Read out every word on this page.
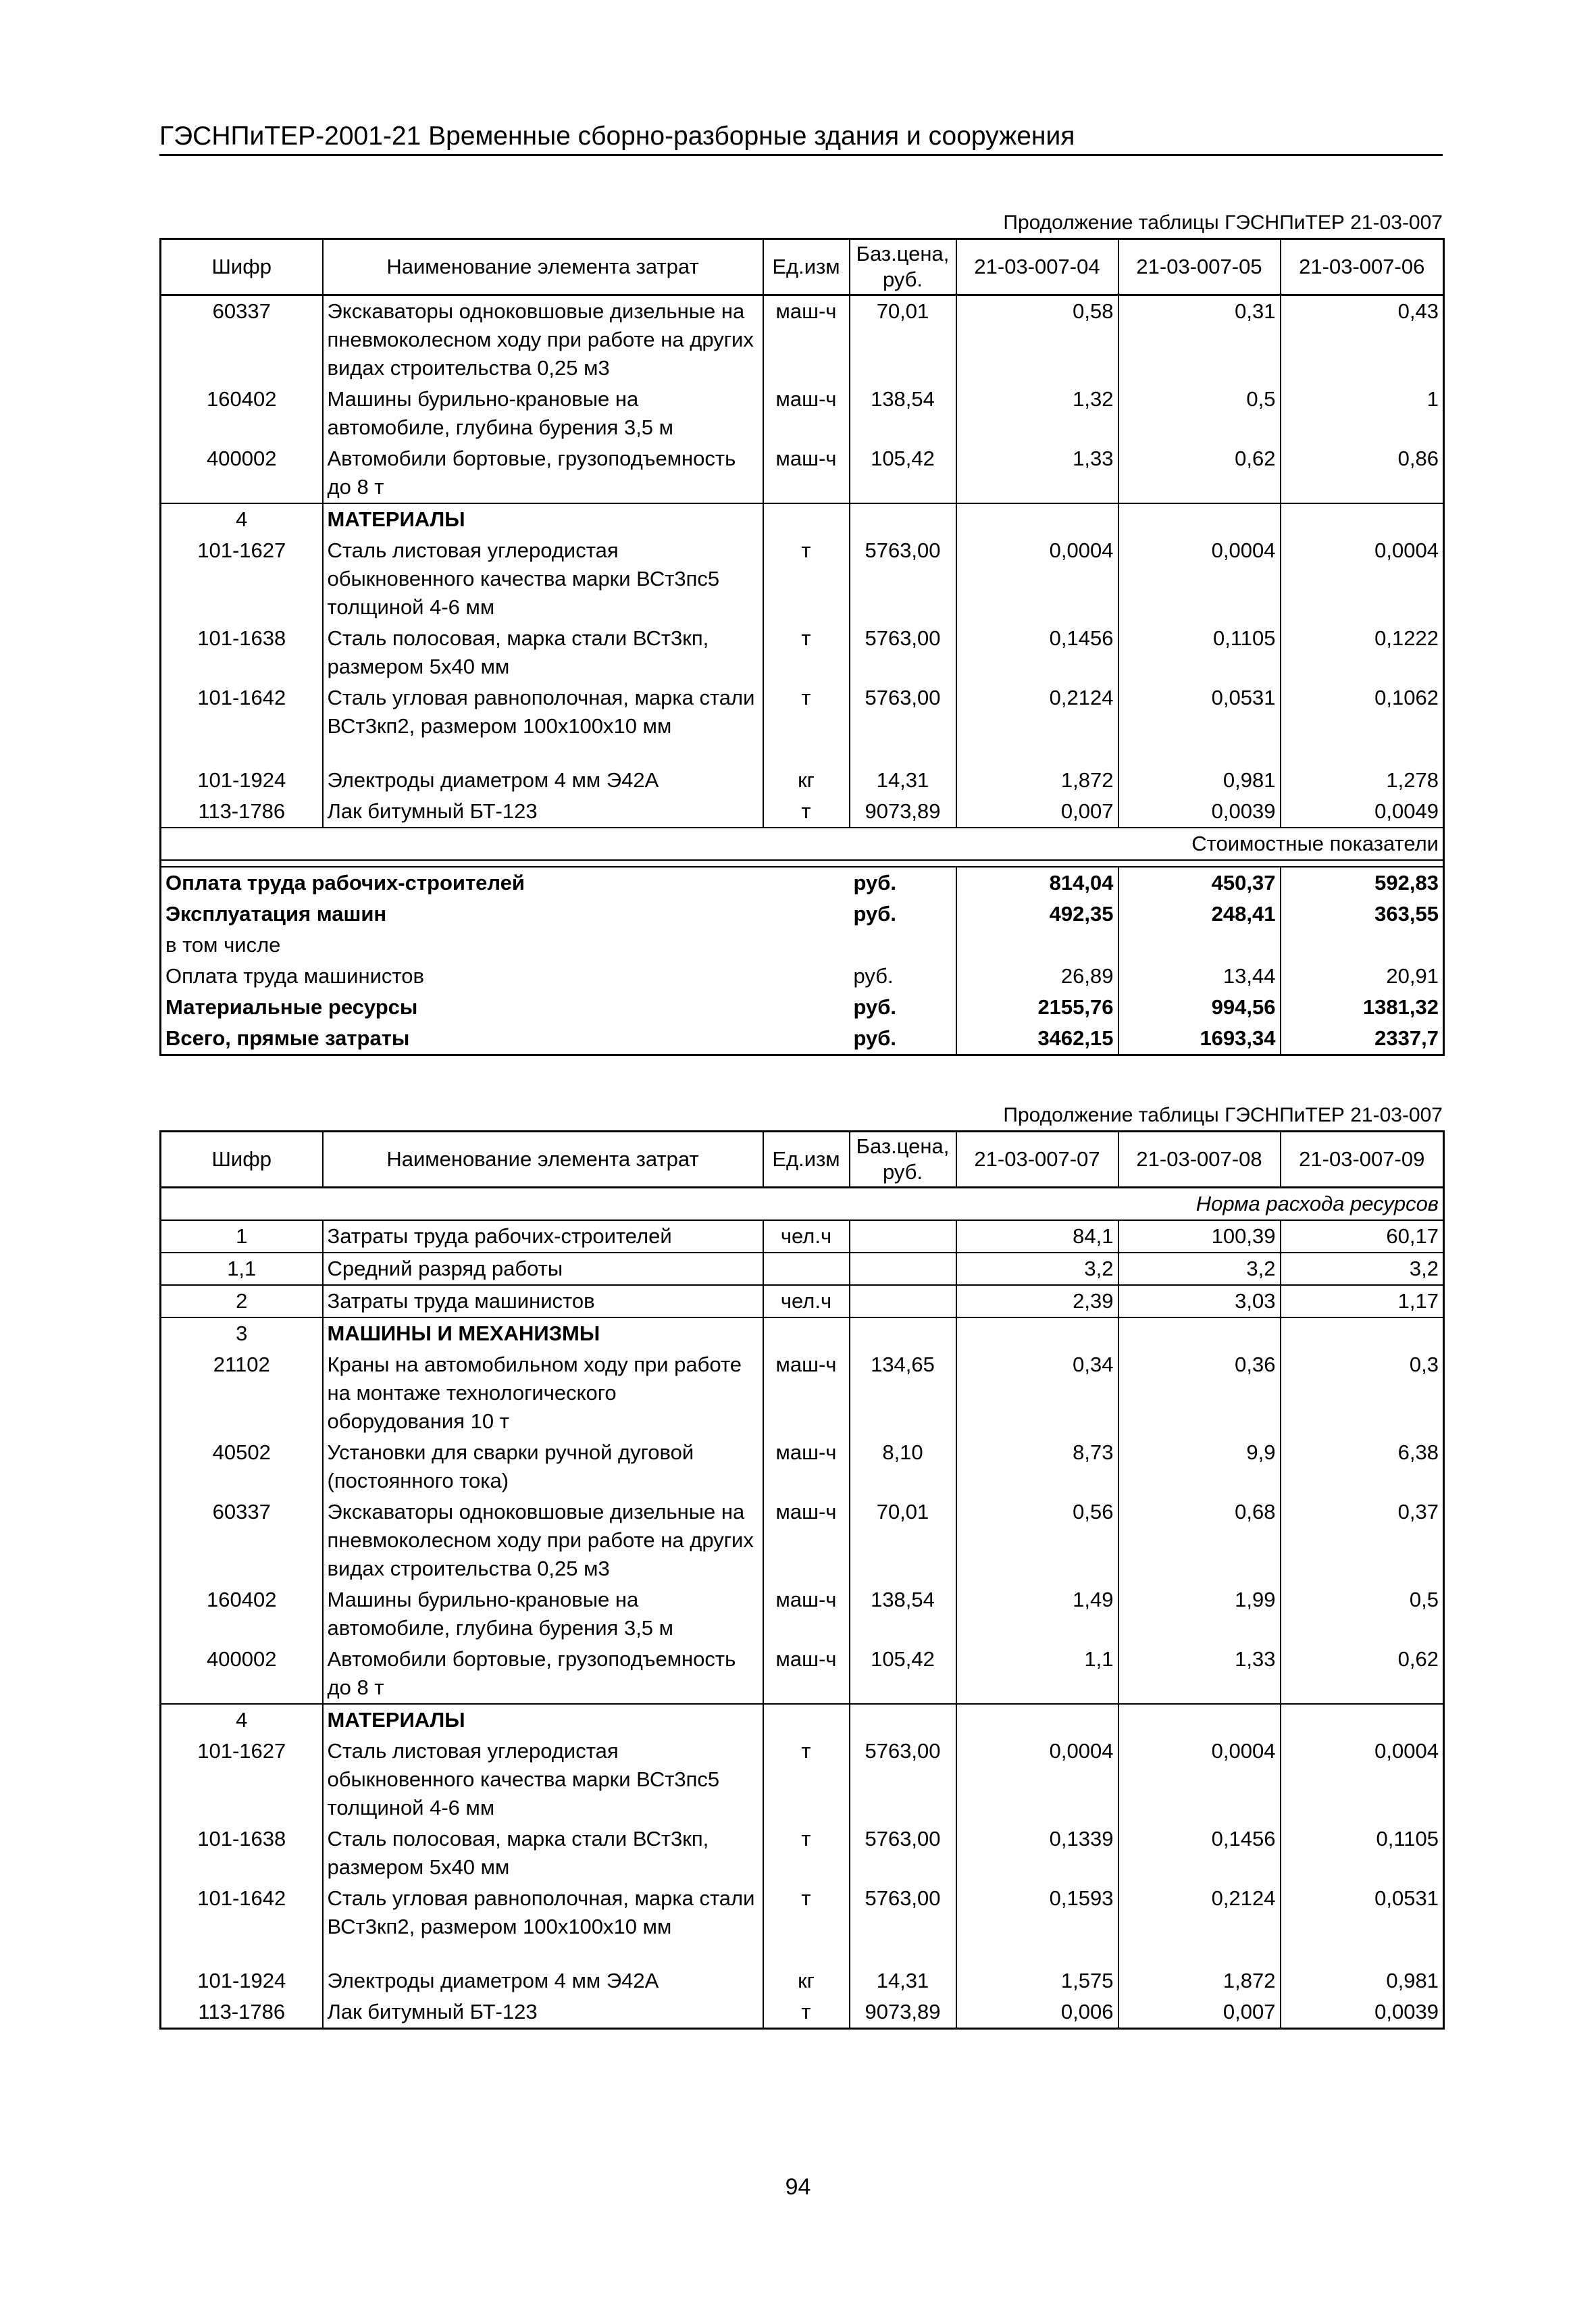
ГЭСНПиТЕР-2001-21 Временные сборно-разборные здания и сооружения
Продолжение таблицы ГЭСНПиТЕР 21-03-007
Шифр	Наименование элемента затрат	Ед.изм	Баз.цена, руб.	21-03-007-04	21-03-007-05	21-03-007-06
60337	Экскаваторы одноковшовые дизельные на пневмоколесном ходу при работе на других видах строительства 0,25 м3	маш-ч	70,01	0,58	0,31	0,43
160402	Машины бурильно-крановые на автомобиле, глубина бурения 3,5 м	маш-ч	138,54	1,32	0,5	1
400002	Автомобили бортовые, грузоподъемность до 8 т	маш-ч	105,42	1,33	0,62	0,86
4	МАТЕРИАЛЫ					
101-1627	Сталь листовая углеродистая обыкновенного качества марки ВСт3пс5 толщиной 4-6 мм	т	5763,00	0,0004	0,0004	0,0004
101-1638	Сталь полосовая, марка стали ВСт3кп, размером 5х40 мм	т	5763,00	0,1456	0,1105	0,1222
101-1642	Сталь угловая равнополочная, марка стали ВСт3кп2, размером 100х100х10 мм	т	5763,00	0,2124	0,0531	0,1062

101-1924	Электроды диаметром 4 мм Э42А	кг	14,31	1,872	0,981	1,278
113-1786	Лак битумный БТ-123	т	9073,89	0,007	0,0039	0,0049
Стоимостные показатели						

Оплата труда рабочих-строителей			руб.	814,04	450,37	592,83
Эксплуатация машин			руб.	492,35	248,41	363,55
в том числе						
Оплата труда машинистов			руб.	26,89	13,44	20,91
Материальные ресурсы			руб.	2155,76	994,56	1381,32
Всего, прямые затраты			руб.	3462,15	1693,34	2337,7
Продолжение таблицы ГЭСНПиТЕР 21-03-007
Шифр	Наименование элемента затрат	Ед.изм	Баз.цена, руб.	21-03-007-07	21-03-007-08	21-03-007-09
Норма расхода ресурсов						
1	Затраты труда рабочих-строителей	чел.ч		84,1	100,39	60,17
1,1	Средний разряд работы			3,2	3,2	3,2
2	Затраты труда машинистов	чел.ч		2,39	3,03	1,17
3	МАШИНЫ И МЕХАНИЗМЫ					
21102	Краны на автомобильном ходу при работе на монтаже технологического оборудования 10 т	маш-ч	134,65	0,34	0,36	0,3
40502	Установки для сварки ручной дуговой (постоянного тока)	маш-ч	8,10	8,73	9,9	6,38
60337	Экскаваторы одноковшовые дизельные на пневмоколесном ходу при работе на других видах строительства 0,25 м3	маш-ч	70,01	0,56	0,68	0,37
160402	Машины бурильно-крановые на автомобиле, глубина бурения 3,5 м	маш-ч	138,54	1,49	1,99	0,5
400002	Автомобили бортовые, грузоподъемность до 8 т	маш-ч	105,42	1,1	1,33	0,62
4	МАТЕРИАЛЫ					
101-1627	Сталь листовая углеродистая обыкновенного качества марки ВСт3пс5 толщиной 4-6 мм	т	5763,00	0,0004	0,0004	0,0004
101-1638	Сталь полосовая, марка стали ВСт3кп, размером 5х40 мм	т	5763,00	0,1339	0,1456	0,1105
101-1642	Сталь угловая равнополочная, марка стали ВСт3кп2, размером 100х100х10 мм	т	5763,00	0,1593	0,2124	0,0531

101-1924	Электроды диаметром 4 мм Э42А	кг	14,31	1,575	1,872	0,981
113-1786	Лак битумный БТ-123	т	9073,89	0,006	0,007	0,0039
94
